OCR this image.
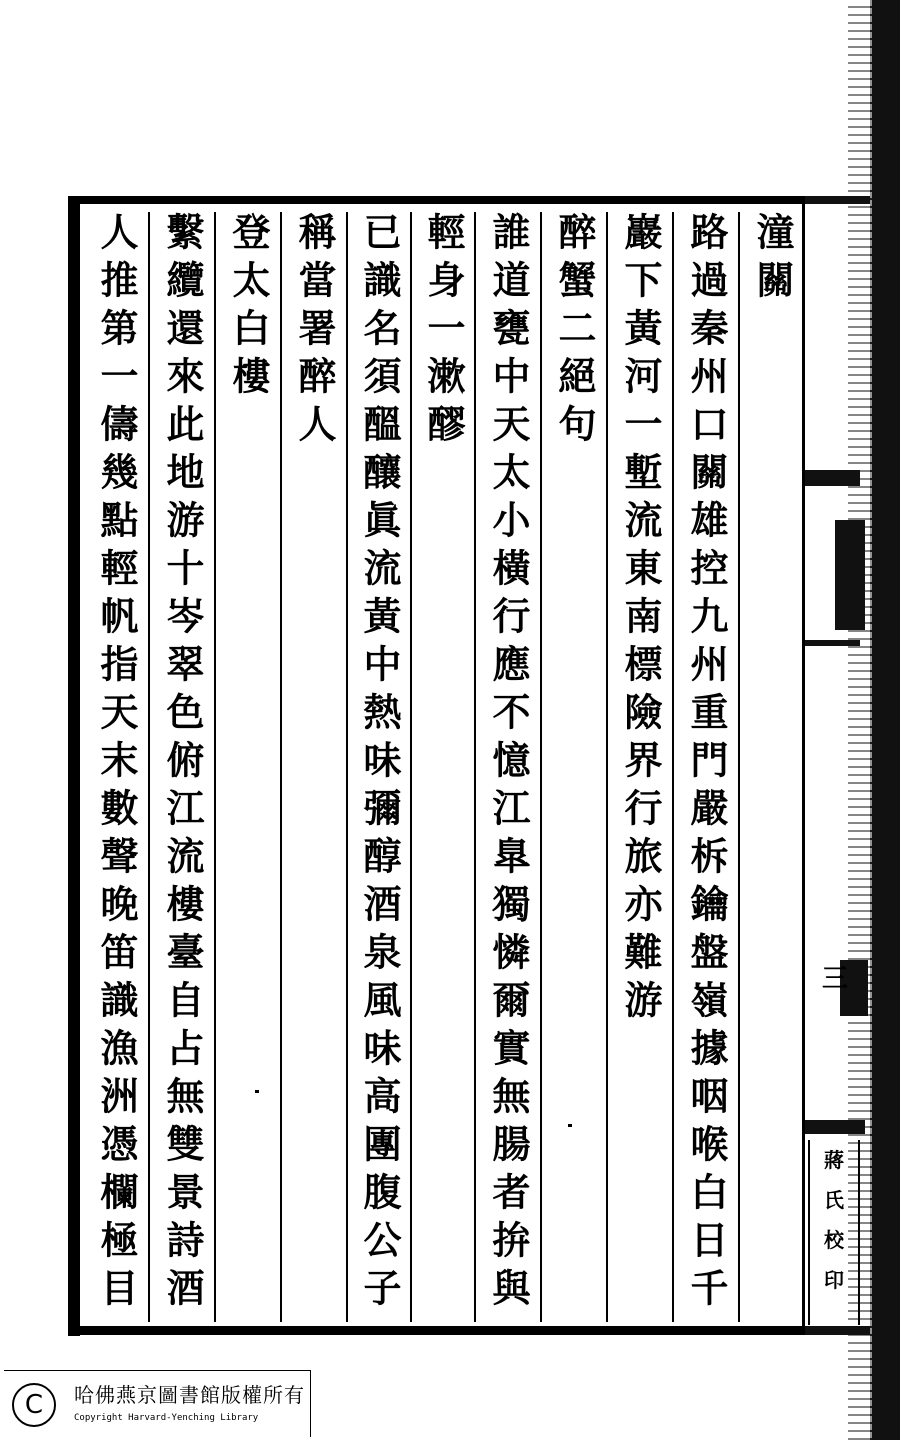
三
蔣
氏
校
印
潼關
路過秦州口關雄控九州重門嚴柝鑰盤嶺據咽喉白日千
巖下黃河一塹流東南標險界行旅亦難游
醉蟹二絕句
誰道甕中天太小橫行應不憶江臯獨憐爾實無腸者拚與
輕身一漱醪
已識名須醞釀眞流黃中熱味彌醇酒泉風味高團腹公子
稱當署醉人
登太白樓
繫纜還來此地游十岑翠色俯江流樓臺自占無雙景詩酒
人推第一儔幾點輕帆指天末數聲晚笛識漁洲憑欄極目
C	哈佛燕京圖書館版權所有
Copyright Harvard-Yenching Library
